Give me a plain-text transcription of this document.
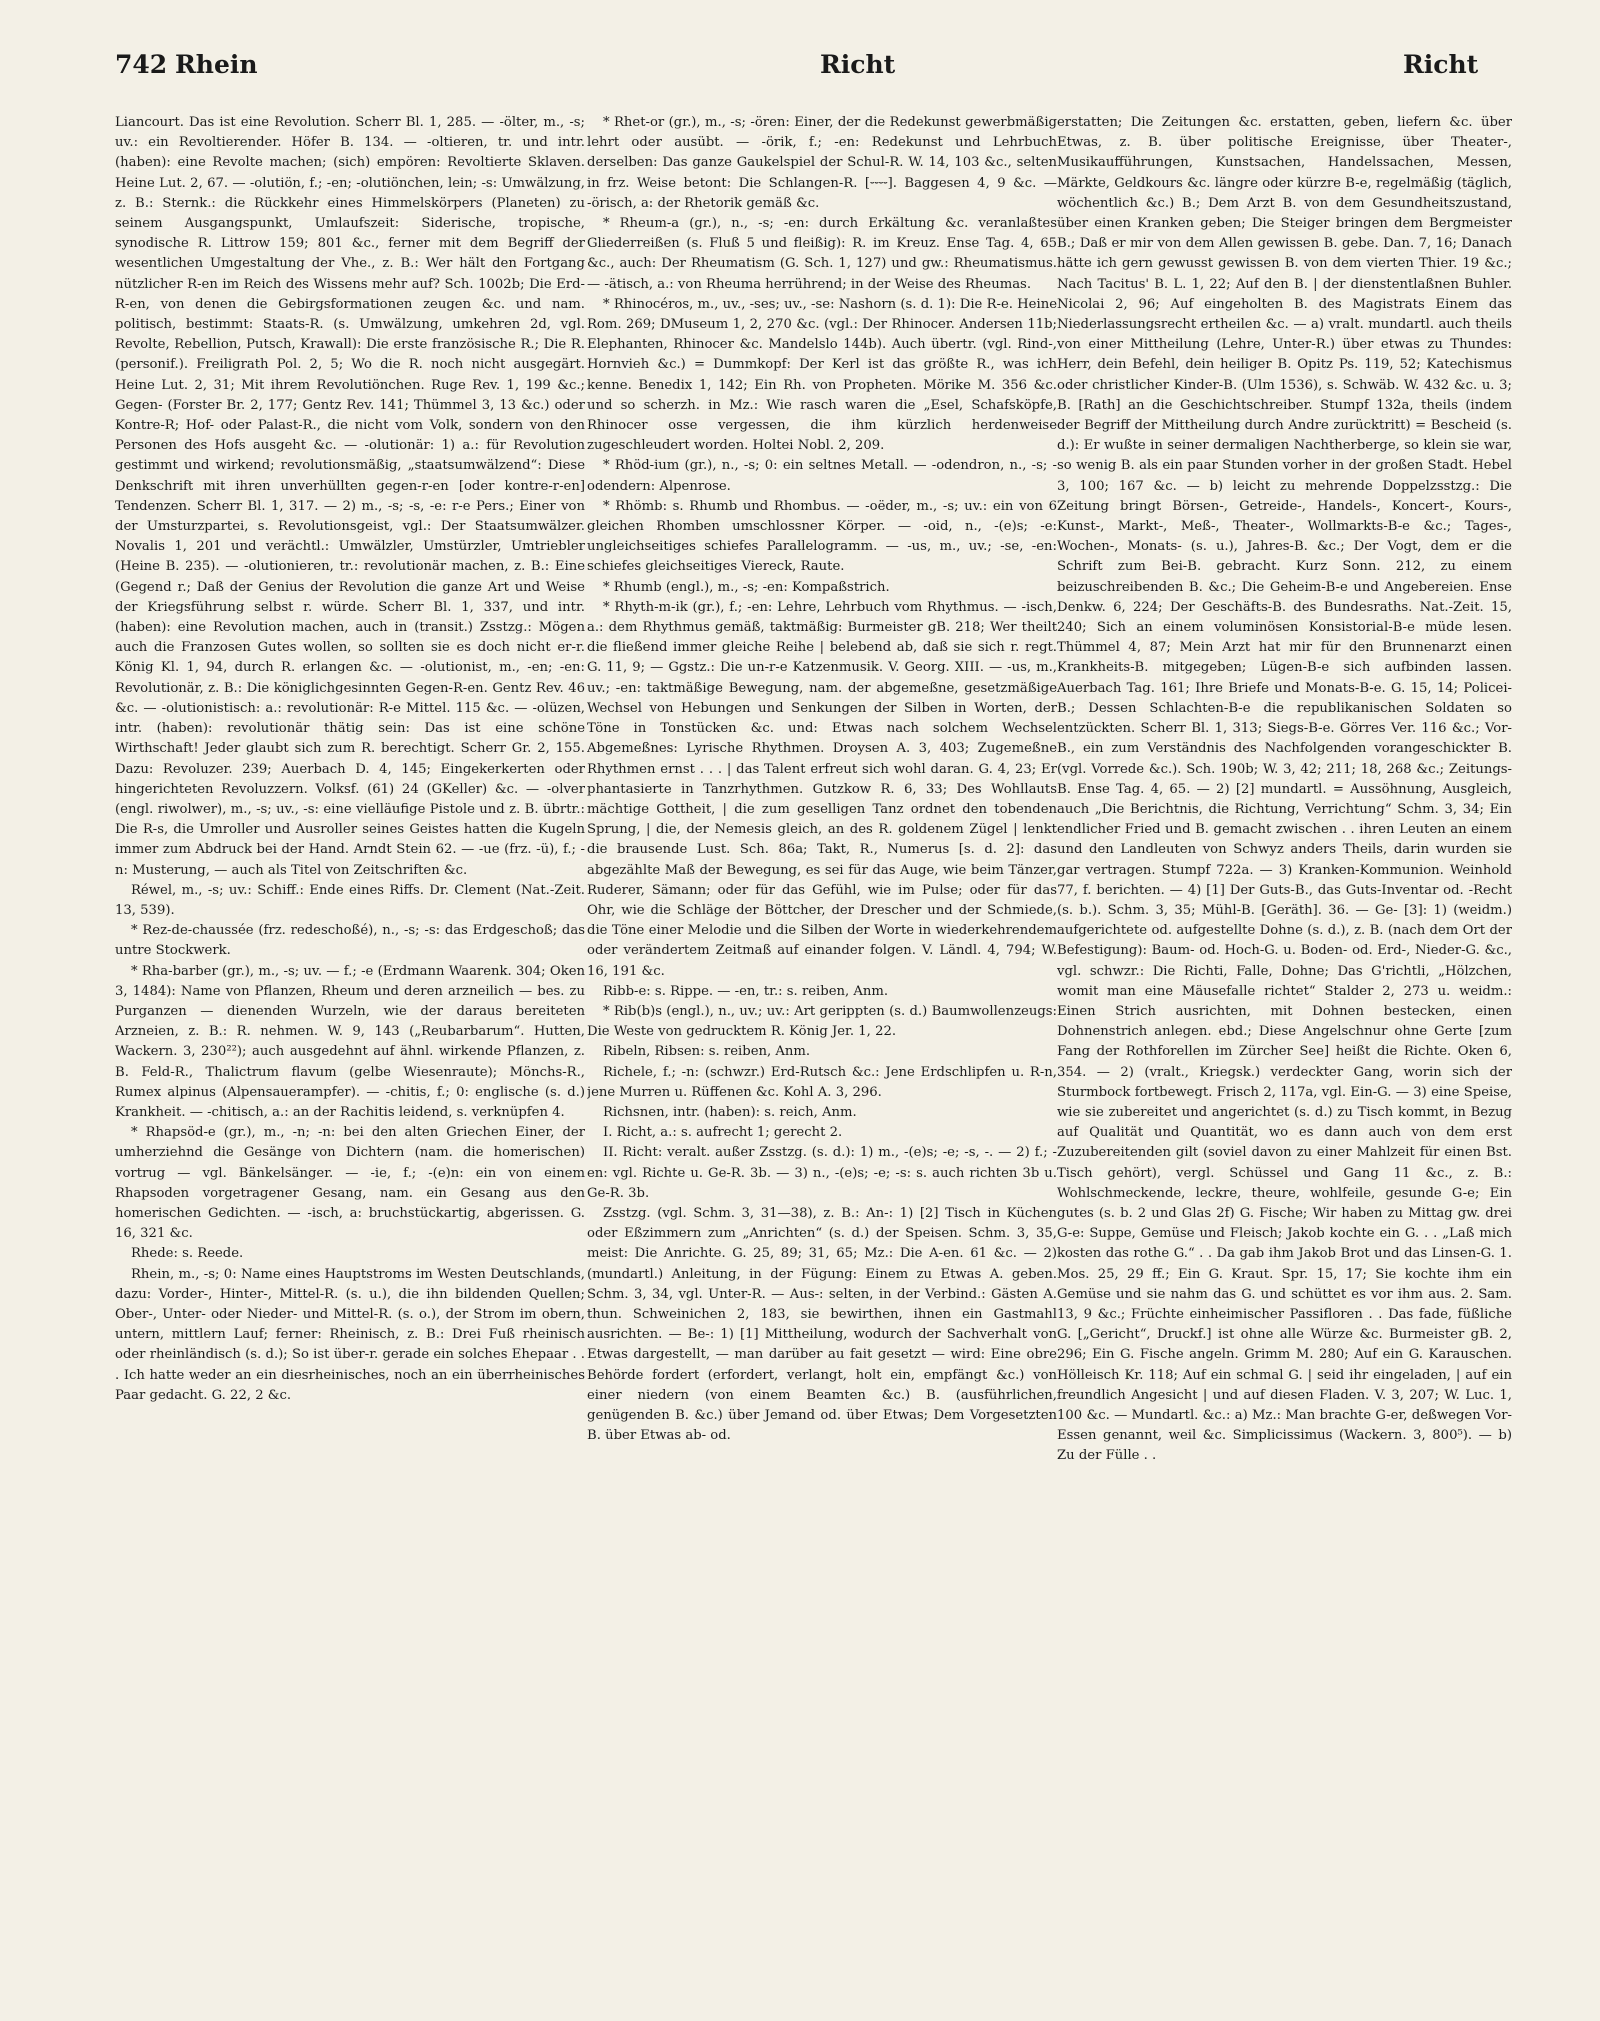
742 Rhein	Richt	Richt

Liancourt. Das ist eine Revolution. Scherr Bl. 1, 285. — -ölter, m., -s; uv.: ein Revoltierender. Höfer B. 134. — -oltieren, tr. und intr. (haben): eine Revolte machen; (sich) empören: Revoltierte Sklaven. Heine Lut. 2, 67. — -olutiön, f.; -en; -olutiönchen, lein; -s: Umwälzung, z. B.: Sternk.: die Rückkehr eines Himmelskörpers (Planeten) zu seinem Ausgangspunkt, Umlaufszeit: Siderische, tropische, synodische R. Littrow 159; 801 &c., ferner mit dem Begriff der wesentlichen Umgestaltung der Vhe., z. B.: Wer hält den Fortgang nützlicher R-en im Reich des Wissens mehr auf? Sch. 1002b; Die Erd-R-en, von denen die Gebirgsformationen zeugen &c. und nam. politisch, bestimmt: Staats-R. (s. Umwälzung, umkehren 2d, vgl. Revolte, Rebellion, Putsch, Krawall): Die erste französische R.; Die R. (personif.). Freiligrath Pol. 2, 5; Wo die R. noch nicht ausgegärt. Heine Lut. 2, 31; Mit ihrem Revolutiönchen. Ruge Rev. 1, 199 &c.; Gegen- (Forster Br. 2, 177; Gentz Rev. 141; Thümmel 3, 13 &c.) oder Kontre-R; Hof- oder Palast-R., die nicht vom Volk, sondern von den Personen des Hofs ausgeht &c. — -olutionär: 1) a.: für Revolution gestimmt und wirkend; revolutionsmäßig, „staatsumwälzend“: Diese Denkschrift mit ihren unverhüllten gegen-r-en [oder kontre-r-en] Tendenzen. Scherr Bl. 1, 317. — 2) m., -s; -s, -e: r-e Pers.; Einer von der Umsturzpartei, s. Revolutionsgeist, vgl.: Der Staatsumwälzer. Novalis 1, 201 und verächtl.: Umwälzler, Umstürzler, Umtriebler (Heine B. 235). — -olutionieren, tr.: revolutionär machen, z. B.: Eine (Gegend r.; Daß der Genius der Revolution die ganze Art und Weise der Kriegsführung selbst r. würde. Scherr Bl. 1, 337, und intr. (haben): eine Revolution machen, auch in (transit.) Zsstzg.: Mögen auch die Franzosen Gutes wollen, so sollten sie es doch nicht er-r. König Kl. 1, 94, durch R. erlangen &c. — -olutionist, m., -en; -en: Revolutionär, z. B.: Die königlichgesinnten Gegen-R-en. Gentz Rev. 46 &c. — -olutionistisch: a.: revolutionär: R-e Mittel. 115 &c. — -olüzen, intr. (haben): revolutionär thätig sein: Das ist eine schöne Wirthschaft! Jeder glaubt sich zum R. berechtigt. Scherr Gr. 2, 155. Dazu: Revoluzer. 239; Auerbach D. 4, 145; Eingekerkerten oder hingerichteten Revoluzzern. Volksf. (61) 24 (GKeller) &c. — -olver (engl. riwolwer), m., -s; uv., -s: eine vielläufige Pistole und z. B. übrtr.: Die R-s, die Umroller und Ausroller seines Geistes hatten die Kugeln immer zum Abdruck bei der Hand. Arndt Stein 62. — -ue (frz. -ü), f.; -n: Musterung, — auch als Titel von Zeitschriften &c.

Réwel, m., -s; uv.: Schiff.: Ende eines Riffs. Dr. Clement (Nat.-Zeit. 13, 539).

* Rez-de-chaussée (frz. redeschoßé), n., -s; -s: das Erdgeschoß; das untre Stockwerk.

* Rha-barber (gr.), m., -s; uv. — f.; -e (Erdmann Waarenk. 304; Oken 3, 1484): Name von Pflanzen, Rheum und deren arzneilich — bes. zu Purganzen — dienenden Wurzeln, wie der daraus bereiteten Arzneien, z. B.: R. nehmen. W. 9, 143 („Reubarbarum“. Hutten, Wackern. 3, 230²²); auch ausgedehnt auf ähnl. wirkende Pflanzen, z. B. Feld-R., Thalictrum flavum (gelbe Wiesenraute); Mönchs-R., Rumex alpinus (Alpensauerampfer). — -chitis, f.; 0: englische (s. d.) Krankheit. — -chitisch, a.: an der Rachitis leidend, s. verknüpfen 4.

* Rhapsöd-e (gr.), m., -n; -n: bei den alten Griechen Einer, der umherziehnd die Gesänge von Dichtern (nam. die homerischen) vortrug — vgl. Bänkelsänger. — -ie, f.; -(e)n: ein von einem Rhapsoden vorgetragener Gesang, nam. ein Gesang aus den homerischen Gedichten. — -isch, a: bruchstückartig, abgerissen. G. 16, 321 &c.

Rhede: s. Reede.

Rhein, m., -s; 0: Name eines Hauptstroms im Westen Deutschlands, dazu: Vorder-, Hinter-, Mittel-R. (s. u.), die ihn bildenden Quellen; Ober-, Unter- oder Nieder- und Mittel-R. (s. o.), der Strom im obern, untern, mittlern Lauf; ferner: Rheinisch, z. B.: Drei Fuß rheinisch oder rheinländisch (s. d.); So ist über-r. gerade ein solches Ehepaar . . . Ich hatte weder an ein diesrheinisches, noch an ein überrheinisches Paar gedacht. G. 22, 2 &c.

* Rhet-or (gr.), m., -s; -ören: Einer, der die Redekunst gewerbmäßig lehrt oder ausübt. — -örik, f.; -en: Redekunst und Lehrbuch derselben: Das ganze Gaukelspiel der Schul-R. W. 14, 103 &c., selten in frz. Weise betont: Die Schlangen-R. [⏑⏑⏑⏑]. Baggesen 4, 9 &c. — -örisch, a: der Rhetorik gemäß &c.

* Rheum-a (gr.), n., -s; -en: durch Erkältung &c. veranlaßtes Gliederreißen (s. Fluß 5 und fleißig): R. im Kreuz. Ense Tag. 4, 65 &c., auch: Der Rheumatism (G. Sch. 1, 127) und gw.: Rheumatismus. — -ätisch, a.: von Rheuma herrührend; in der Weise des Rheumas.

* Rhinocéros, m., uv., -ses; uv., -se: Nashorn (s. d. 1): Die R-e. Heine Rom. 269; DMuseum 1, 2, 270 &c. (vgl.: Der Rhinocer. Andersen 11b; Elephanten, Rhinocer &c. Mandelslo 144b). Auch übertr. (vgl. Rind-, Hornvieh &c.) = Dummkopf: Der Kerl ist das größte R., was ich kenne. Benedix 1, 142; Ein Rh. von Propheten. Mörike M. 356 &c. und so scherzh. in Mz.: Wie rasch waren die „Esel, Schafsköpfe, Rhinocer osse vergessen, die ihm kürzlich herdenweise zugeschleudert worden. Holtei Nobl. 2, 209.

* Rhöd-ium (gr.), n., -s; 0: ein seltnes Metall. — -odendron, n., -s; -odendern: Alpenrose.

* Rhömb: s. Rhumb und Rhombus. — -oëder, m., -s; uv.: ein von 6 gleichen Rhomben umschlossner Körper. — -oid, n., -(e)s; -e: ungleichseitiges schiefes Parallelogramm. — -us, m., uv.; -se, -en: schiefes gleichseitiges Viereck, Raute.

* Rhumb (engl.), m., -s; -en: Kompaßstrich.

* Rhyth-m-ik (gr.), f.; -en: Lehre, Lehrbuch vom Rhythmus. — -isch, a.: dem Rhythmus gemäß, taktmäßig: Burmeister gB. 218; Wer theilt die fließend immer gleiche Reihe | belebend ab, daß sie sich r. regt. G. 11, 9; — Ggstz.: Die un-r-e Katzenmusik. V. Georg. XIII. — -us, m., uv.; -en: taktmäßige Bewegung, nam. der abgemeßne, gesetzmäßige Wechsel von Hebungen und Senkungen der Silben in Worten, der Töne in Tonstücken &c. und: Etwas nach solchem Wechsel Abgemeßnes: Lyrische Rhythmen. Droysen A. 3, 403; Zugemeßne Rhythmen ernst . . . | das Talent erfreut sich wohl daran. G. 4, 23; Er phantasierte in Tanzrhythmen. Gutzkow R. 6, 33; Des Wohllauts mächtige Gottheit, | die zum geselligen Tanz ordnet den tobenden Sprung, | die, der Nemesis gleich, an des R. goldenem Zügel | lenkt die brausende Lust. Sch. 86a; Takt, R., Numerus [s. d. 2]: das abgezählte Maß der Bewegung, es sei für das Auge, wie beim Tänzer, Ruderer, Sämann; oder für das Gefühl, wie im Pulse; oder für das Ohr, wie die Schläge der Böttcher, der Drescher und der Schmiede, die Töne einer Melodie und die Silben der Worte in wiederkehrendem oder verändertem Zeitmaß auf einander folgen. V. Ländl. 4, 794; W. 16, 191 &c.

Ribb-e: s. Rippe. — -en, tr.: s. reiben, Anm.

* Rib(b)s (engl.), n., uv.; uv.: Art gerippten (s. d.) Baumwollenzeugs: Die Weste von gedrucktem R. König Jer. 1, 22.

Ribeln, Ribsen: s. reiben, Anm.

Richele, f.; -n: (schwzr.) Erd-Rutsch &c.: Jene Erdschlipfen u. R-n, jene Murren u. Rüffenen &c. Kohl A. 3, 296.

Richsnen, intr. (haben): s. reich, Anm.

I. Richt, a.: s. aufrecht 1; gerecht 2.

II. Richt: veralt. außer Zsstzg. (s. d.): 1) m., -(e)s; -e; -s, -. — 2) f.; -en: vgl. Richte u. Ge-R. 3b. — 3) n., -(e)s; -e; -s: s. auch richten 3b u. Ge-R. 3b.

Zsstzg. (vgl. Schm. 3, 31—38), z. B.: An-: 1) [2] Tisch in Küchen oder Eßzimmern zum „Anrichten“ (s. d.) der Speisen. Schm. 3, 35, meist: Die Anrichte. G. 25, 89; 31, 65; Mz.: Die A-en. 61 &c. — 2) (mundartl.) Anleitung, in der Fügung: Einem zu Etwas A. geben. Schm. 3, 34, vgl. Unter-R. — Aus-: selten, in der Verbind.: Gästen A. thun. Schweinichen 2, 183, sie bewirthen, ihnen ein Gastmahl ausrichten. — Be-: 1) [1] Mittheilung, wodurch der Sachverhalt von Etwas dargestellt, — man darüber au fait gesetzt — wird: Eine obre Behörde fordert (erfordert, verlangt, holt ein, empfängt &c.) von einer niedern (von einem Beamten &c.) B. (ausführlichen, genügenden B. &c.) über Jemand od. über Etwas; Dem Vorgesetzten B. über Etwas ab- od.

erstatten; Die Zeitungen &c. erstatten, geben, liefern &c. über Etwas, z. B. über politische Ereignisse, über Theater-, Musikaufführungen, Kunstsachen, Handelssachen, Messen, Märkte, Geldkours &c. längre oder kürzre B-e, regelmäßig (täglich, wöchentlich &c.) B.; Dem Arzt B. von dem Gesundheitszustand, über einen Kranken geben; Die Steiger bringen dem Bergmeister B.; Daß er mir von dem Allen gewissen B. gebe. Dan. 7, 16; Danach hätte ich gern gewusst gewissen B. von dem vierten Thier. 19 &c.; Nach Tacitus' B. L. 1, 22; Auf den B. | der dienstentlaßnen Buhler. Nicolai 2, 96; Auf eingeholten B. des Magistrats Einem das Niederlassungsrecht ertheilen &c. — a) vralt. mundartl. auch theils von einer Mittheilung (Lehre, Unter-R.) über etwas zu Thundes: Herr, dein Befehl, dein heiliger B. Opitz Ps. 119, 52; Katechismus oder christlicher Kinder-B. (Ulm 1536), s. Schwäb. W. 432 &c. u. 3; B. [Rath] an die Geschichtschreiber. Stumpf 132a, theils (indem der Begriff der Mittheilung durch Andre zurücktritt) = Bescheid (s. d.): Er wußte in seiner dermaligen Nachtherberge, so klein sie war, so wenig B. als ein paar Stunden vorher in der großen Stadt. Hebel 3, 100; 167 &c. — b) leicht zu mehrende Doppelzsstzg.: Die Zeitung bringt Börsen-, Getreide-, Handels-, Koncert-, Kours-, Kunst-, Markt-, Meß-, Theater-, Wollmarkts-B-e &c.; Tages-, Wochen-, Monats- (s. u.), Jahres-B. &c.; Der Vogt, dem er die Schrift zum Bei-B. gebracht. Kurz Sonn. 212, zu einem beizuschreibenden B. &c.; Die Geheim-B-e und Angebereien. Ense Denkw. 6, 224; Der Geschäfts-B. des Bundesraths. Nat.-Zeit. 15, 240; Sich an einem voluminösen Konsistorial-B-e müde lesen. Thümmel 4, 87; Mein Arzt hat mir für den Brunnenarzt einen Krankheits-B. mitgegeben; Lügen-B-e sich aufbinden lassen. Auerbach Tag. 161; Ihre Briefe und Monats-B-e. G. 15, 14; Policei-B.; Dessen Schlachten-B-e die republikanischen Soldaten so entzückten. Scherr Bl. 1, 313; Siegs-B-e. Görres Ver. 116 &c.; Vor-B., ein zum Verständnis des Nachfolgenden vorangeschickter B. (vgl. Vorrede &c.). Sch. 190b; W. 3, 42; 211; 18, 268 &c.; Zeitungs-B. Ense Tag. 4, 65. — 2) [2] mundartl. = Aussöhnung, Ausgleich, auch „Die Berichtnis, die Richtung, Verrichtung“ Schm. 3, 34; Ein endlicher Fried und B. gemacht zwischen . . ihren Leuten an einem und den Landleuten von Schwyz anders Theils, darin wurden sie gar vertragen. Stumpf 722a. — 3) Kranken-Kommunion. Weinhold 77, f. berichten. — 4) [1] Der Guts-B., das Guts-Inventar od. -Recht (s. b.). Schm. 3, 35; Mühl-B. [Geräth]. 36. — Ge- [3]: 1) (weidm.) aufgerichtete od. aufgestellte Dohne (s. d.), z. B. (nach dem Ort der Befestigung): Baum- od. Hoch-G. u. Boden- od. Erd-, Nieder-G. &c., vgl. schwzr.: Die Richti, Falle, Dohne; Das G'richtli, „Hölzchen, womit man eine Mäusefalle richtet“ Stalder 2, 273 u. weidm.: Einen Strich ausrichten, mit Dohnen bestecken, einen Dohnenstrich anlegen. ebd.; Diese Angelschnur ohne Gerte [zum Fang der Rothforellen im Zürcher See] heißt die Richte. Oken 6, 354. — 2) (vralt., Kriegsk.) verdeckter Gang, worin sich der Sturmbock fortbewegt. Frisch 2, 117a, vgl. Ein-G. — 3) eine Speise, wie sie zubereitet und angerichtet (s. d.) zu Tisch kommt, in Bezug auf Qualität und Quantität, wo es dann auch von dem erst Zuzubereitenden gilt (soviel davon zu einer Mahlzeit für einen Bst. Tisch gehört), vergl. Schüssel und Gang 11 &c., z. B.: Wohlschmeckende, leckre, theure, wohlfeile, gesunde G-e; Ein gutes (s. b. 2 und Glas 2f) G. Fische; Wir haben zu Mittag gw. drei G-e: Suppe, Gemüse und Fleisch; Jakob kochte ein G. . . „Laß mich kosten das rothe G.“ . . Da gab ihm Jakob Brot und das Linsen-G. 1. Mos. 25, 29 ff.; Ein G. Kraut. Spr. 15, 17; Sie kochte ihm ein Gemüse und sie nahm das G. und schüttet es vor ihm aus. 2. Sam. 13, 9 &c.; Früchte einheimischer Passifloren . . Das fade, füßliche G. [„Gericht“, Druckf.] ist ohne alle Würze &c. Burmeister gB. 2, 296; Ein G. Fische angeln. Grimm M. 280; Auf ein G. Karauschen. Hölleisch Kr. 118; Auf ein schmal G. | seid ihr eingeladen, | auf ein freundlich Angesicht | und auf diesen Fladen. V. 3, 207; W. Luc. 1, 100 &c. — Mundartl. &c.: a) Mz.: Man brachte G-er, deßwegen Vor-Essen genannt, weil &c. Simplicissimus (Wackern. 3, 800⁵). — b) Zu der Fülle . .
